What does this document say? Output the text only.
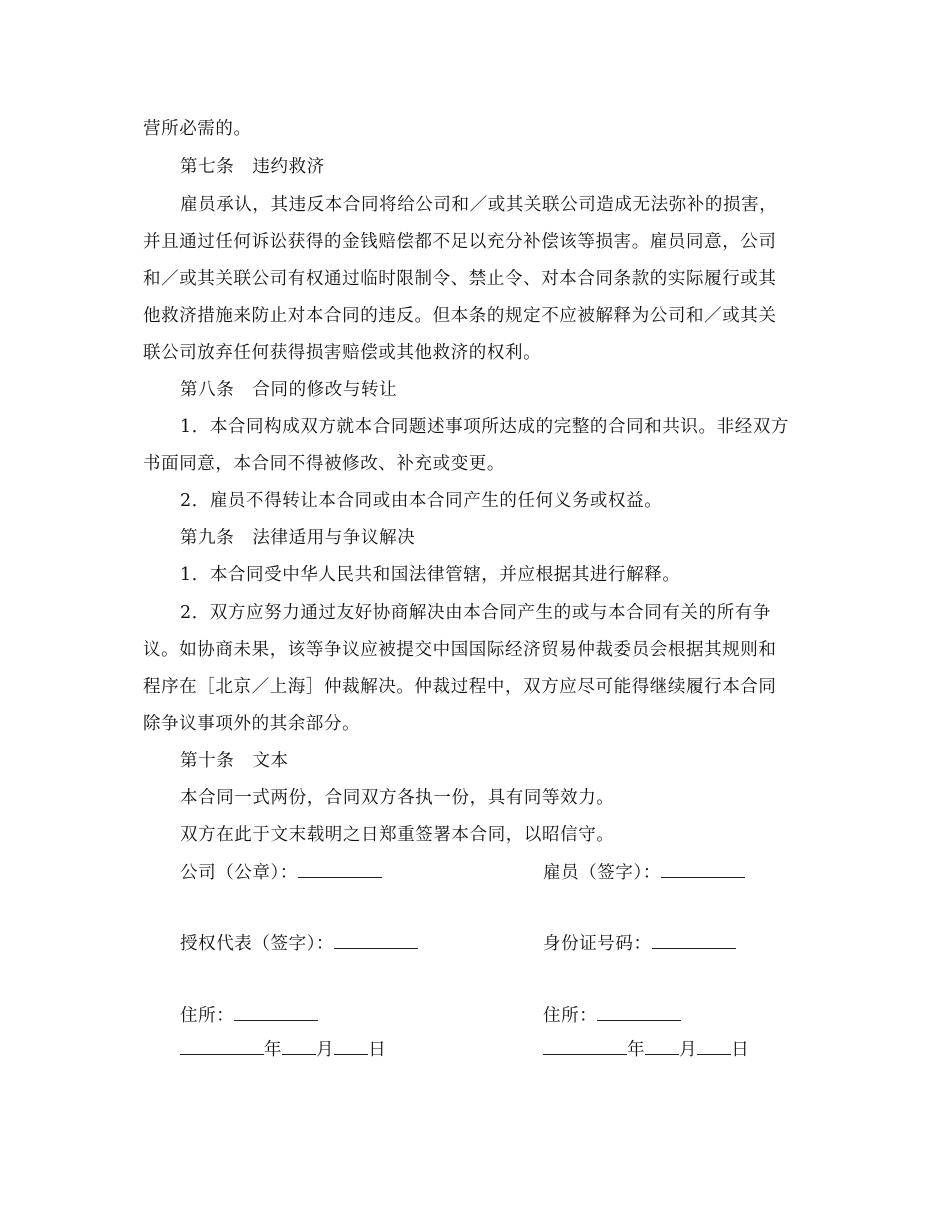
营所必需的。
第七条　违约救济
雇员承认，其违反本合同将给公司和／或其关联公司造成无法弥补的损害，
并且通过任何诉讼获得的金钱赔偿都不足以充分补偿该等损害。雇员同意，公司
和／或其关联公司有权通过临时限制令、禁止令、对本合同条款的实际履行或其
他救济措施来防止对本合同的违反。但本条的规定不应被解释为公司和／或其关
联公司放弃任何获得损害赔偿或其他救济的权利。
第八条　合同的修改与转让
1．本合同构成双方就本合同题述事项所达成的完整的合同和共识。非经双方
书面同意，本合同不得被修改、补充或变更。
2．雇员不得转让本合同或由本合同产生的任何义务或权益。
第九条　法律适用与争议解决
1．本合同受中华人民共和国法律管辖，并应根据其进行解释。
2．双方应努力通过友好协商解决由本合同产生的或与本合同有关的所有争
议。如协商未果，该等争议应被提交中国国际经济贸易仲裁委员会根据其规则和
程序在［北京／上海］仲裁解决。仲裁过程中，双方应尽可能得继续履行本合同
除争议事项外的其余部分。
第十条　文本
本合同一式两份，合同双方各执一份，具有同等效力。
双方在此于文末载明之日郑重签署本合同，以昭信守。
公司（公章）：	雇员（签字）：
授权代表（签字）：	身份证号码：
住所：	住所：
年 月 日	年 月 日
